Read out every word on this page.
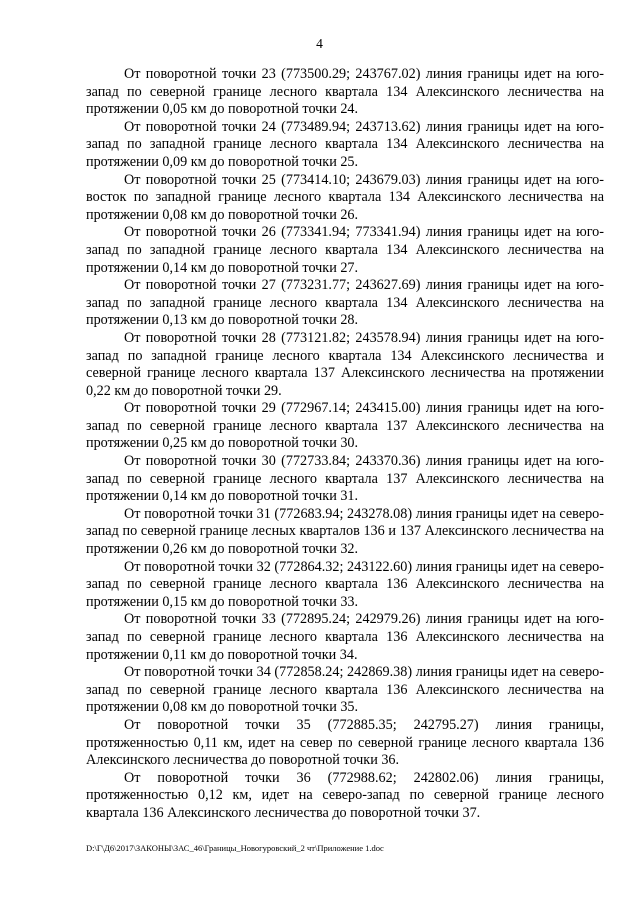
4

От поворотной точки 23 (773500.29; 243767.02) линия границы идет на юго-запад по северной границе лесного квартала 134 Алексинского лесничества на протяжении 0,05 км до поворотной точки 24.

От поворотной точки 24 (773489.94; 243713.62) линия границы идет на юго-запад по западной границе лесного квартала 134 Алексинского лесничества на протяжении 0,09 км до поворотной точки 25.

От поворотной точки 25 (773414.10; 243679.03) линия границы идет на юго-восток по западной границе лесного квартала 134 Алексинского лесничества на протяжении 0,08 км до поворотной точки 26.

От поворотной точки 26 (773341.94; 773341.94) линия границы идет на юго-запад по западной границе лесного квартала 134 Алексинского лесничества на протяжении 0,14 км до поворотной точки 27.

От поворотной точки 27 (773231.77; 243627.69) линия границы идет на юго-запад по западной границе лесного квартала 134 Алексинского лесничества на протяжении 0,13 км до поворотной точки 28.

От поворотной точки 28 (773121.82; 243578.94) линия границы идет на юго-запад по западной границе лесного квартала 134 Алексинского лесничества и северной границе лесного квартала 137 Алексинского лесничества на протяжении 0,22 км до поворотной точки 29.

От поворотной точки 29 (772967.14; 243415.00) линия границы идет на юго-запад по северной границе лесного квартала 137 Алексинского лесничества на протяжении 0,25 км до поворотной точки 30.

От поворотной точки 30 (772733.84; 243370.36) линия границы идет на юго-запад по северной границе лесного квартала 137 Алексинского лесничества на протяжении 0,14 км до поворотной точки 31.

От поворотной точки 31 (772683.94; 243278.08) линия границы идет на северо-запад по северной границе лесных кварталов 136 и 137 Алексинского лесничества на протяжении 0,26 км до поворотной точки 32.

От поворотной точки 32 (772864.32; 243122.60) линия границы идет на северо-запад по северной границе лесного квартала 136 Алексинского лесничества на протяжении 0,15 км до поворотной точки 33.

От поворотной точки 33 (772895.24; 242979.26) линия границы идет на юго-запад по северной границе лесного квартала 136 Алексинского лесничества на протяжении 0,11 км до поворотной точки 34.

От поворотной точки 34 (772858.24; 242869.38) линия границы идет на северо-запад по северной границе лесного квартала 136 Алексинского лесничества на протяжении 0,08 км до поворотной точки 35.

От поворотной точки 35 (772885.35; 242795.27) линия границы, протяженностью 0,11 км, идет на север по северной границе лесного квартала 136 Алексинского лесничества до поворотной точки 36.

От поворотной точки 36 (772988.62; 242802.06) линия границы, протяженностью 0,12 км, идет на северо-запад по северной границе лесного квартала 136 Алексинского лесничества до поворотной точки 37.

D:\Г\Д6\2017\ЗАКОНЫ\ЗАС_46\Границы_Новогуровский_2 чт\Приложение 1.doc
